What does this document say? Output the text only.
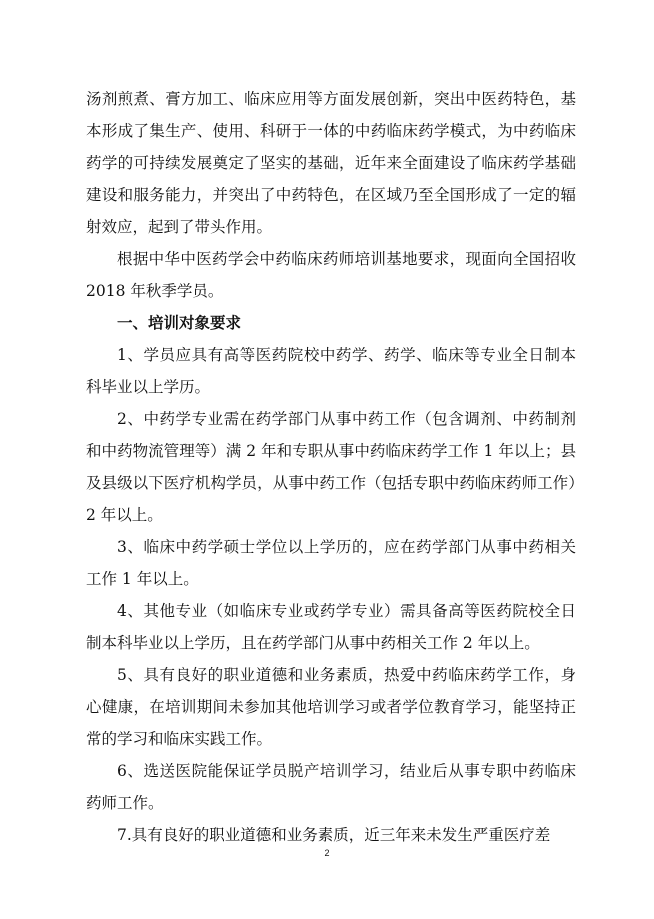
汤剂煎煮、膏方加工、临床应用等方面发展创新，突出中医药特色，基本形成了集生产、使用、科研于一体的中药临床药学模式，为中药临床药学的可持续发展奠定了坚实的基础，近年来全面建设了临床药学基础建设和服务能力，并突出了中药特色，在区域乃至全国形成了一定的辐射效应，起到了带头作用。

根据中华中医药学会中药临床药师培训基地要求，现面向全国招收 2018 年秋季学员。

一、培训对象要求

1、学员应具有高等医药院校中药学、药学、临床等专业全日制本科毕业以上学历。

2、中药学专业需在药学部门从事中药工作（包含调剂、中药制剂和中药物流管理等）满 2 年和专职从事中药临床药学工作 1 年以上；县及县级以下医疗机构学员，从事中药工作（包括专职中药临床药师工作）2 年以上。

3、临床中药学硕士学位以上学历的，应在药学部门从事中药相关工作 1 年以上。

4、其他专业（如临床专业或药学专业）需具备高等医药院校全日制本科毕业以上学历，且在药学部门从事中药相关工作 2 年以上。

5、具有良好的职业道德和业务素质，热爱中药临床药学工作，身心健康，在培训期间未参加其他培训学习或者学位教育学习，能坚持正常的学习和临床实践工作。

6、选送医院能保证学员脱产培训学习，结业后从事专职中药临床药师工作。

7.具有良好的职业道德和业务素质，近三年来未发生严重医疗差

2
